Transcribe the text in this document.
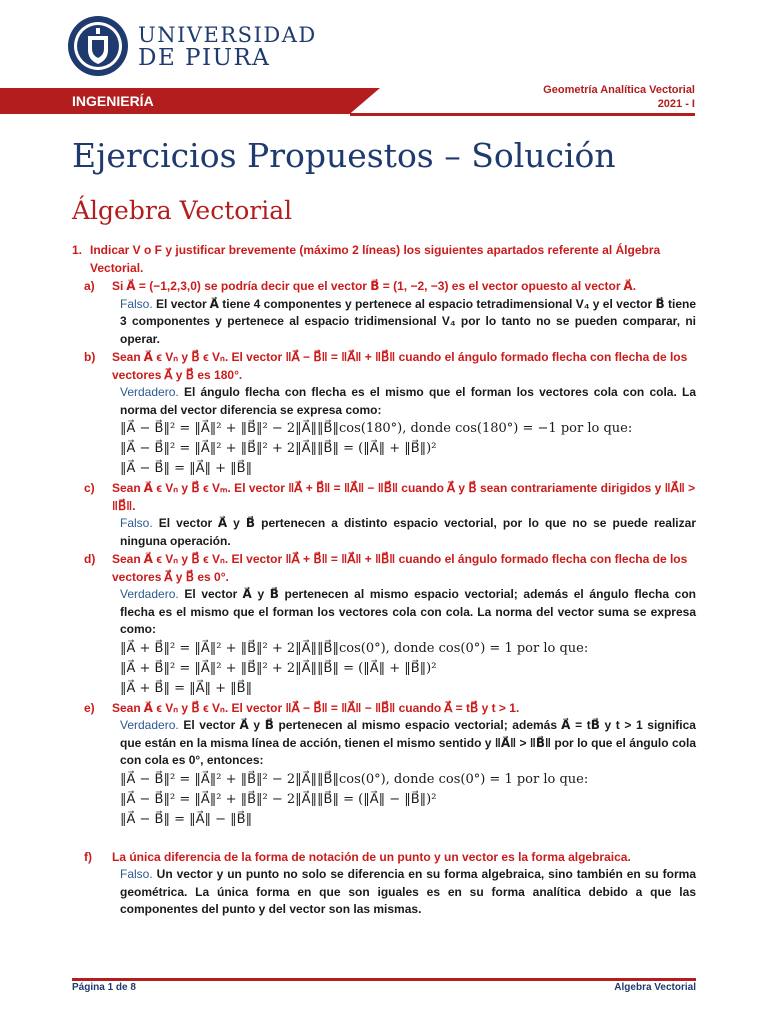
UNIVERSIDAD
DE PIURA
INGENIERÍA
Geometría Analítica Vectorial
2021 - I
Ejercicios Propuestos – Solución
Álgebra Vectorial
1. Indicar V o F y justificar brevemente (máximo 2 líneas) los siguientes apartados referente al Álgebra Vectorial.
a)	Si A⃗ = (−1,2,3,0) se podría decir que el vector B⃗ = (1, −2, −3) es el vector opuesto al vector A⃗.
Falso. El vector A⃗ tiene 4 componentes y pertenece al espacio tetradimensional V₄ y el vector B⃗ tiene 3 componentes y pertenece al espacio tridimensional V₄ por lo tanto no se pueden comparar, ni operar.
b)	Sean A⃗ ϵ Vₙ y B⃗ ϵ Vₙ. El vector ‖A⃗ − B⃗‖ = ‖A⃗‖ + ‖B⃗‖ cuando el ángulo formado flecha con flecha de los vectores A⃗ y B⃗ es 180°.
Verdadero. El ángulo flecha con flecha es el mismo que el forman los vectores cola con cola. La norma del vector diferencia se expresa como:
‖A⃗ − B⃗‖² = ‖A⃗‖² + ‖B⃗‖² − 2‖A⃗‖‖B⃗‖cos(180°), donde cos(180°) = −1 por lo que:
‖A⃗ − B⃗‖² = ‖A⃗‖² + ‖B⃗‖² + 2‖A⃗‖‖B⃗‖ = (‖A⃗‖ + ‖B⃗‖)²
‖A⃗ − B⃗‖ = ‖A⃗‖ + ‖B⃗‖
c)	Sean A⃗ ϵ Vₙ y B⃗ ϵ Vₘ. El vector ‖A⃗ + B⃗‖ = ‖A⃗‖ − ‖B⃗‖ cuando A⃗ y B⃗ sean contrariamente dirigidos y ‖A⃗‖ > ‖B⃗‖.
Falso. El vector A⃗ y B⃗ pertenecen a distinto espacio vectorial, por lo que no se puede realizar ninguna operación.
d)	Sean A⃗ ϵ Vₙ y B⃗ ϵ Vₙ. El vector ‖A⃗ + B⃗‖ = ‖A⃗‖ + ‖B⃗‖ cuando el ángulo formado flecha con flecha de los vectores A⃗ y B⃗ es 0°.
Verdadero. El vector A⃗ y B⃗ pertenecen al mismo espacio vectorial; además el ángulo flecha con flecha es el mismo que el forman los vectores cola con cola. La norma del vector suma se expresa como:
‖A⃗ + B⃗‖² = ‖A⃗‖² + ‖B⃗‖² + 2‖A⃗‖‖B⃗‖cos(0°), donde cos(0°) = 1 por lo que:
‖A⃗ + B⃗‖² = ‖A⃗‖² + ‖B⃗‖² + 2‖A⃗‖‖B⃗‖ = (‖A⃗‖ + ‖B⃗‖)²
‖A⃗ + B⃗‖ = ‖A⃗‖ + ‖B⃗‖
e)	Sean A⃗ ϵ Vₙ y B⃗ ϵ Vₙ. El vector ‖A⃗ − B⃗‖ = ‖A⃗‖ − ‖B⃗‖ cuando A⃗ = tB⃗ y t > 1.
Verdadero. El vector A⃗ y B⃗ pertenecen al mismo espacio vectorial; además A⃗ = tB⃗ y t > 1 significa que están en la misma línea de acción, tienen el mismo sentido y ‖A⃗‖ > ‖B⃗‖ por lo que el ángulo cola con cola es 0°, entonces:
‖A⃗ − B⃗‖² = ‖A⃗‖² + ‖B⃗‖² − 2‖A⃗‖‖B⃗‖cos(0°), donde cos(0°) = 1 por lo que:
‖A⃗ − B⃗‖² = ‖A⃗‖² + ‖B⃗‖² − 2‖A⃗‖‖B⃗‖ = (‖A⃗‖ − ‖B⃗‖)²
‖A⃗ − B⃗‖ = ‖A⃗‖ − ‖B⃗‖
f)	La única diferencia de la forma de notación de un punto y un vector es la forma algebraica.
Falso. Un vector y un punto no solo se diferencia en su forma algebraica, sino también en su forma geométrica. La única forma en que son iguales es en su forma analítica debido a que las componentes del punto y del vector son las mismas.
Página 1 de 8	Algebra Vectorial
